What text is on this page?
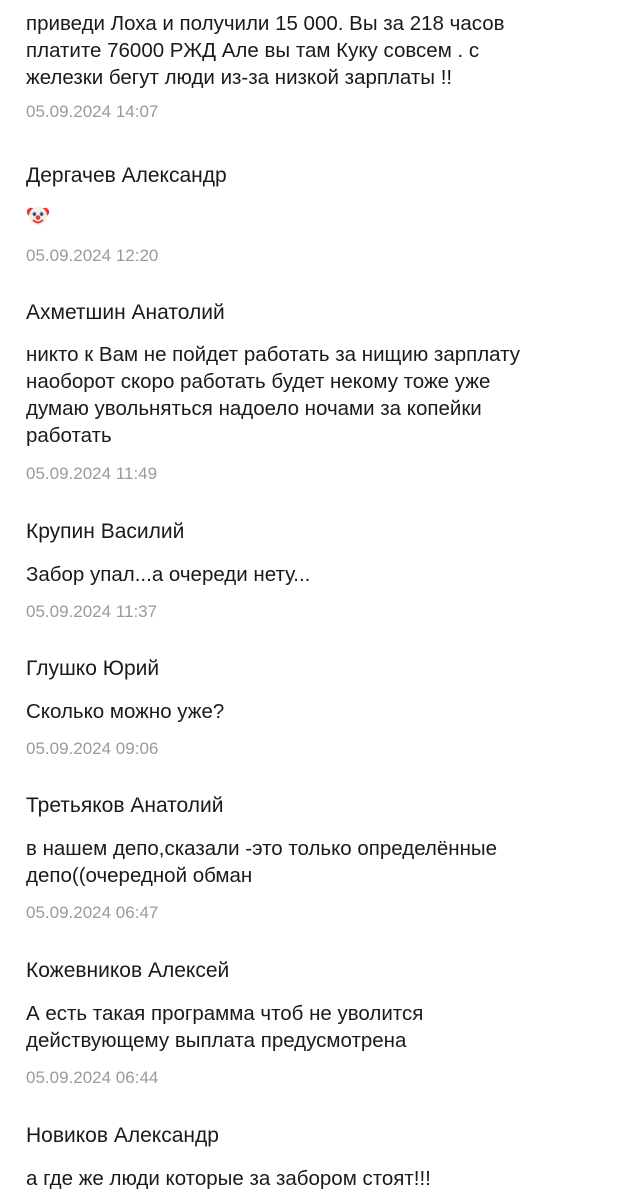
приведи Лоха и получили 15 000. Вы за 218 часов
платите 76000 РЖД Але вы там Куку совсем . с
железки бегут люди из-за низкой зарплаты !!

05.09.2024 14:07

Дергачев Александр

05.09.2024 12:20

Ахметшин Анатолий

никто к Вам не пойдет работать за нищию зарплату
наоборот скоро работать будет некому тоже уже
думаю увольняться надоело ночами за копейки
работать

05.09.2024 11:49

Крупин Василий

Забор упал...а очереди нету...

05.09.2024 11:37

Глушко Юрий

Сколько можно уже?

05.09.2024 09:06

Третьяков Анатолий

в нашем депо,сказали -это только определённые
депо((очередной обман

05.09.2024 06:47

Кожевников Алексей

А есть такая программа чтоб не уволится
действующему выплата предусмотрена

05.09.2024 06:44

Новиков Александр

а где же люди которые за забором стоят!!!
